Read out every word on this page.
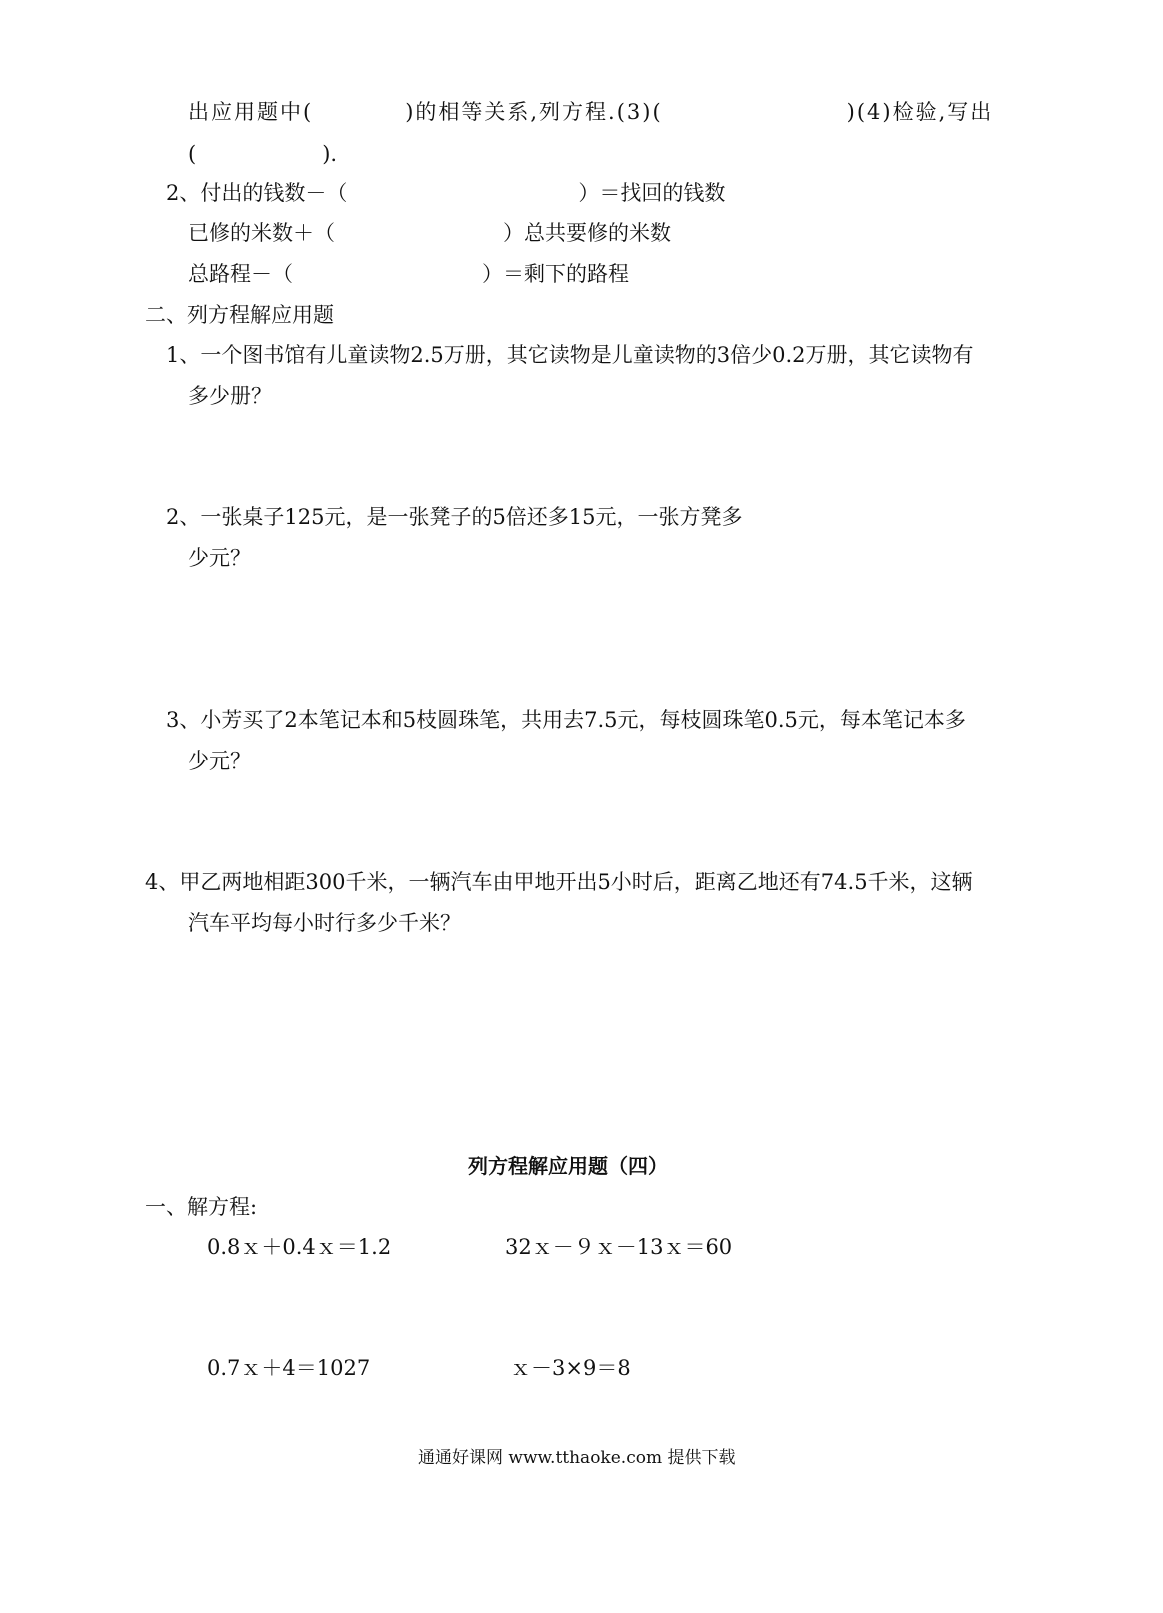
出应用题中(　　　　)的相等关系,列方程.(3)(　　　　　　　　)(4)检验,写出
(　　　　　　).
2、付出的钱数－（　　　　　　　　　　　）＝找回的钱数
已修的米数＋（　　　　　　　　）总共要修的米数
总路程－（　　　　　　　　　）＝剩下的路程
二、列方程解应用题
1、一个图书馆有儿童读物2.5万册，其它读物是儿童读物的3倍少0.2万册，其它读物有
多少册？
2、一张桌子125元，是一张凳子的5倍还多15元，一张方凳多
少元？
3、小芳买了2本笔记本和5枝圆珠笔，共用去7.5元，每枝圆珠笔0.5元，每本笔记本多
少元？
4、甲乙两地相距300千米，一辆汽车由甲地开出5小时后，距离乙地还有74.5千米，这辆
汽车平均每小时行多少千米？
列方程解应用题（四）
一、解方程:
0.8ｘ＋0.4ｘ＝1.2	32ｘ－９ｘ－13ｘ＝60
0.7ｘ＋4＝1027	ｘ－3×9＝8
通通好课网 www.tthaoke.com 提供下载
